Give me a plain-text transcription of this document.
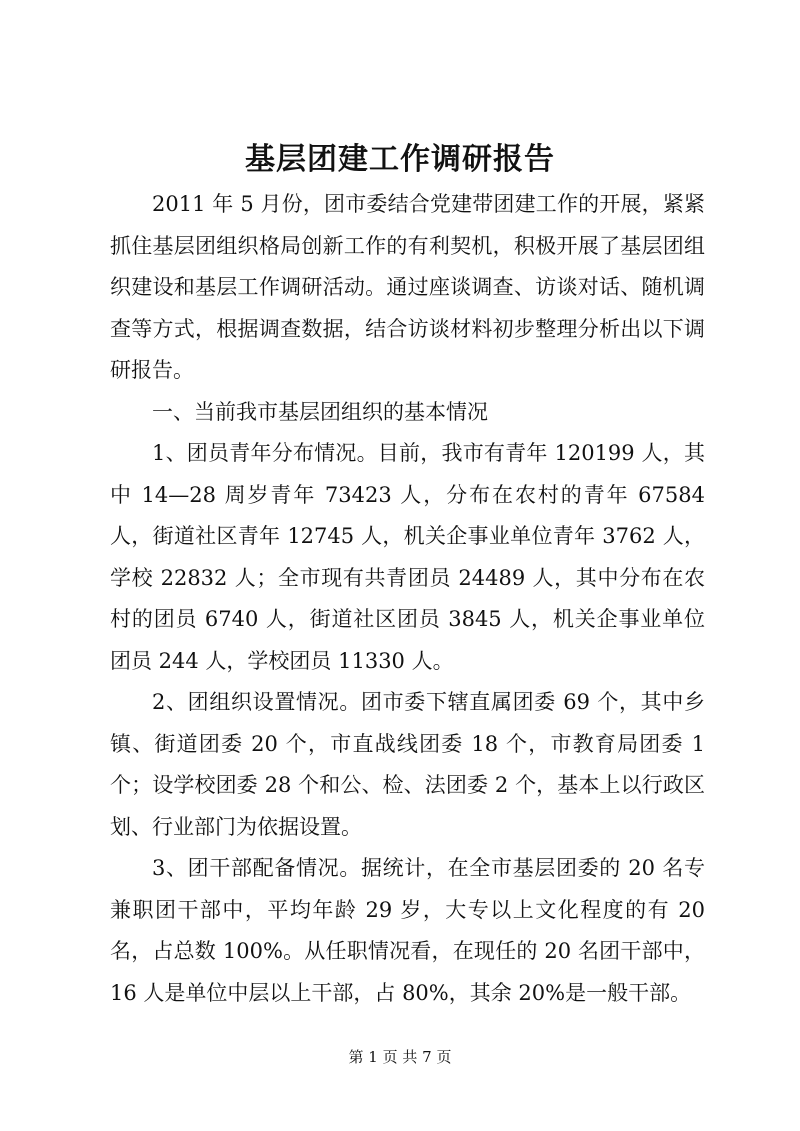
基层团建工作调研报告

2011 年 5 月份，团市委结合党建带团建工作的开展，紧紧抓住基层团组织格局创新工作的有利契机，积极开展了基层团组织建设和基层工作调研活动。通过座谈调查、访谈对话、随机调查等方式，根据调查数据，结合访谈材料初步整理分析出以下调研报告。

一、当前我市基层团组织的基本情况

1、团员青年分布情况。目前，我市有青年 120199 人，其中 14—28 周岁青年 73423 人，分布在农村的青年 67584 人，街道社区青年 12745 人，机关企事业单位青年 3762 人，学校 22832 人；全市现有共青团员 24489 人，其中分布在农村的团员 6740 人，街道社区团员 3845 人，机关企事业单位团员 244 人，学校团员 11330 人。

2、团组织设置情况。团市委下辖直属团委 69 个，其中乡镇、街道团委 20 个，市直战线团委 18 个，市教育局团委 1 个；设学校团委 28 个和公、检、法团委 2 个，基本上以行政区划、行业部门为依据设置。

3、团干部配备情况。据统计，在全市基层团委的 20 名专兼职团干部中，平均年龄 29 岁，大专以上文化程度的有 20 名，占总数 100%。从任职情况看，在现任的 20 名团干部中，16 人是单位中层以上干部，占 80%，其余 20%是一般干部。

第 1 页 共 7 页
